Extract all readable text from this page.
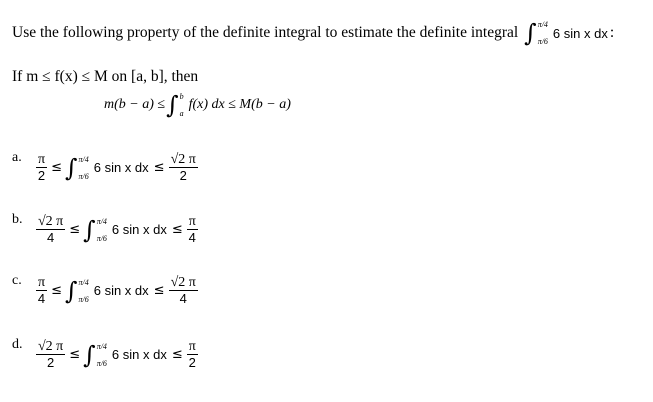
Use the following property of the definite integral to estimate the definite integral ∫ π/4
π/6
6 sin x dx :
If m ≤ f(x) ≤ M on [a, b], then
m(b − a) ≤ ∫ b
a
f(x) dx ≤ M(b − a)
a. $\frac{\pi}{2}$ ≤ ∫ π/4
π/6
6 sin x dx ≤ $\frac{√2 \pi}{2}$
b. $\frac{√2 \pi}{4}$ ≤ ∫ π/4
π/6
6 sin x dx ≤ $\frac{\pi}{4}$
c. $\frac{\pi}{4}$ ≤ ∫ π/4
π/6
6 sin x dx ≤ $\frac{√2 \pi}{4}$
d. $\frac{√2 \pi}{2}$ ≤ ∫ π/4
π/6
6 sin x dx ≤ $\frac{\pi}{2}$
